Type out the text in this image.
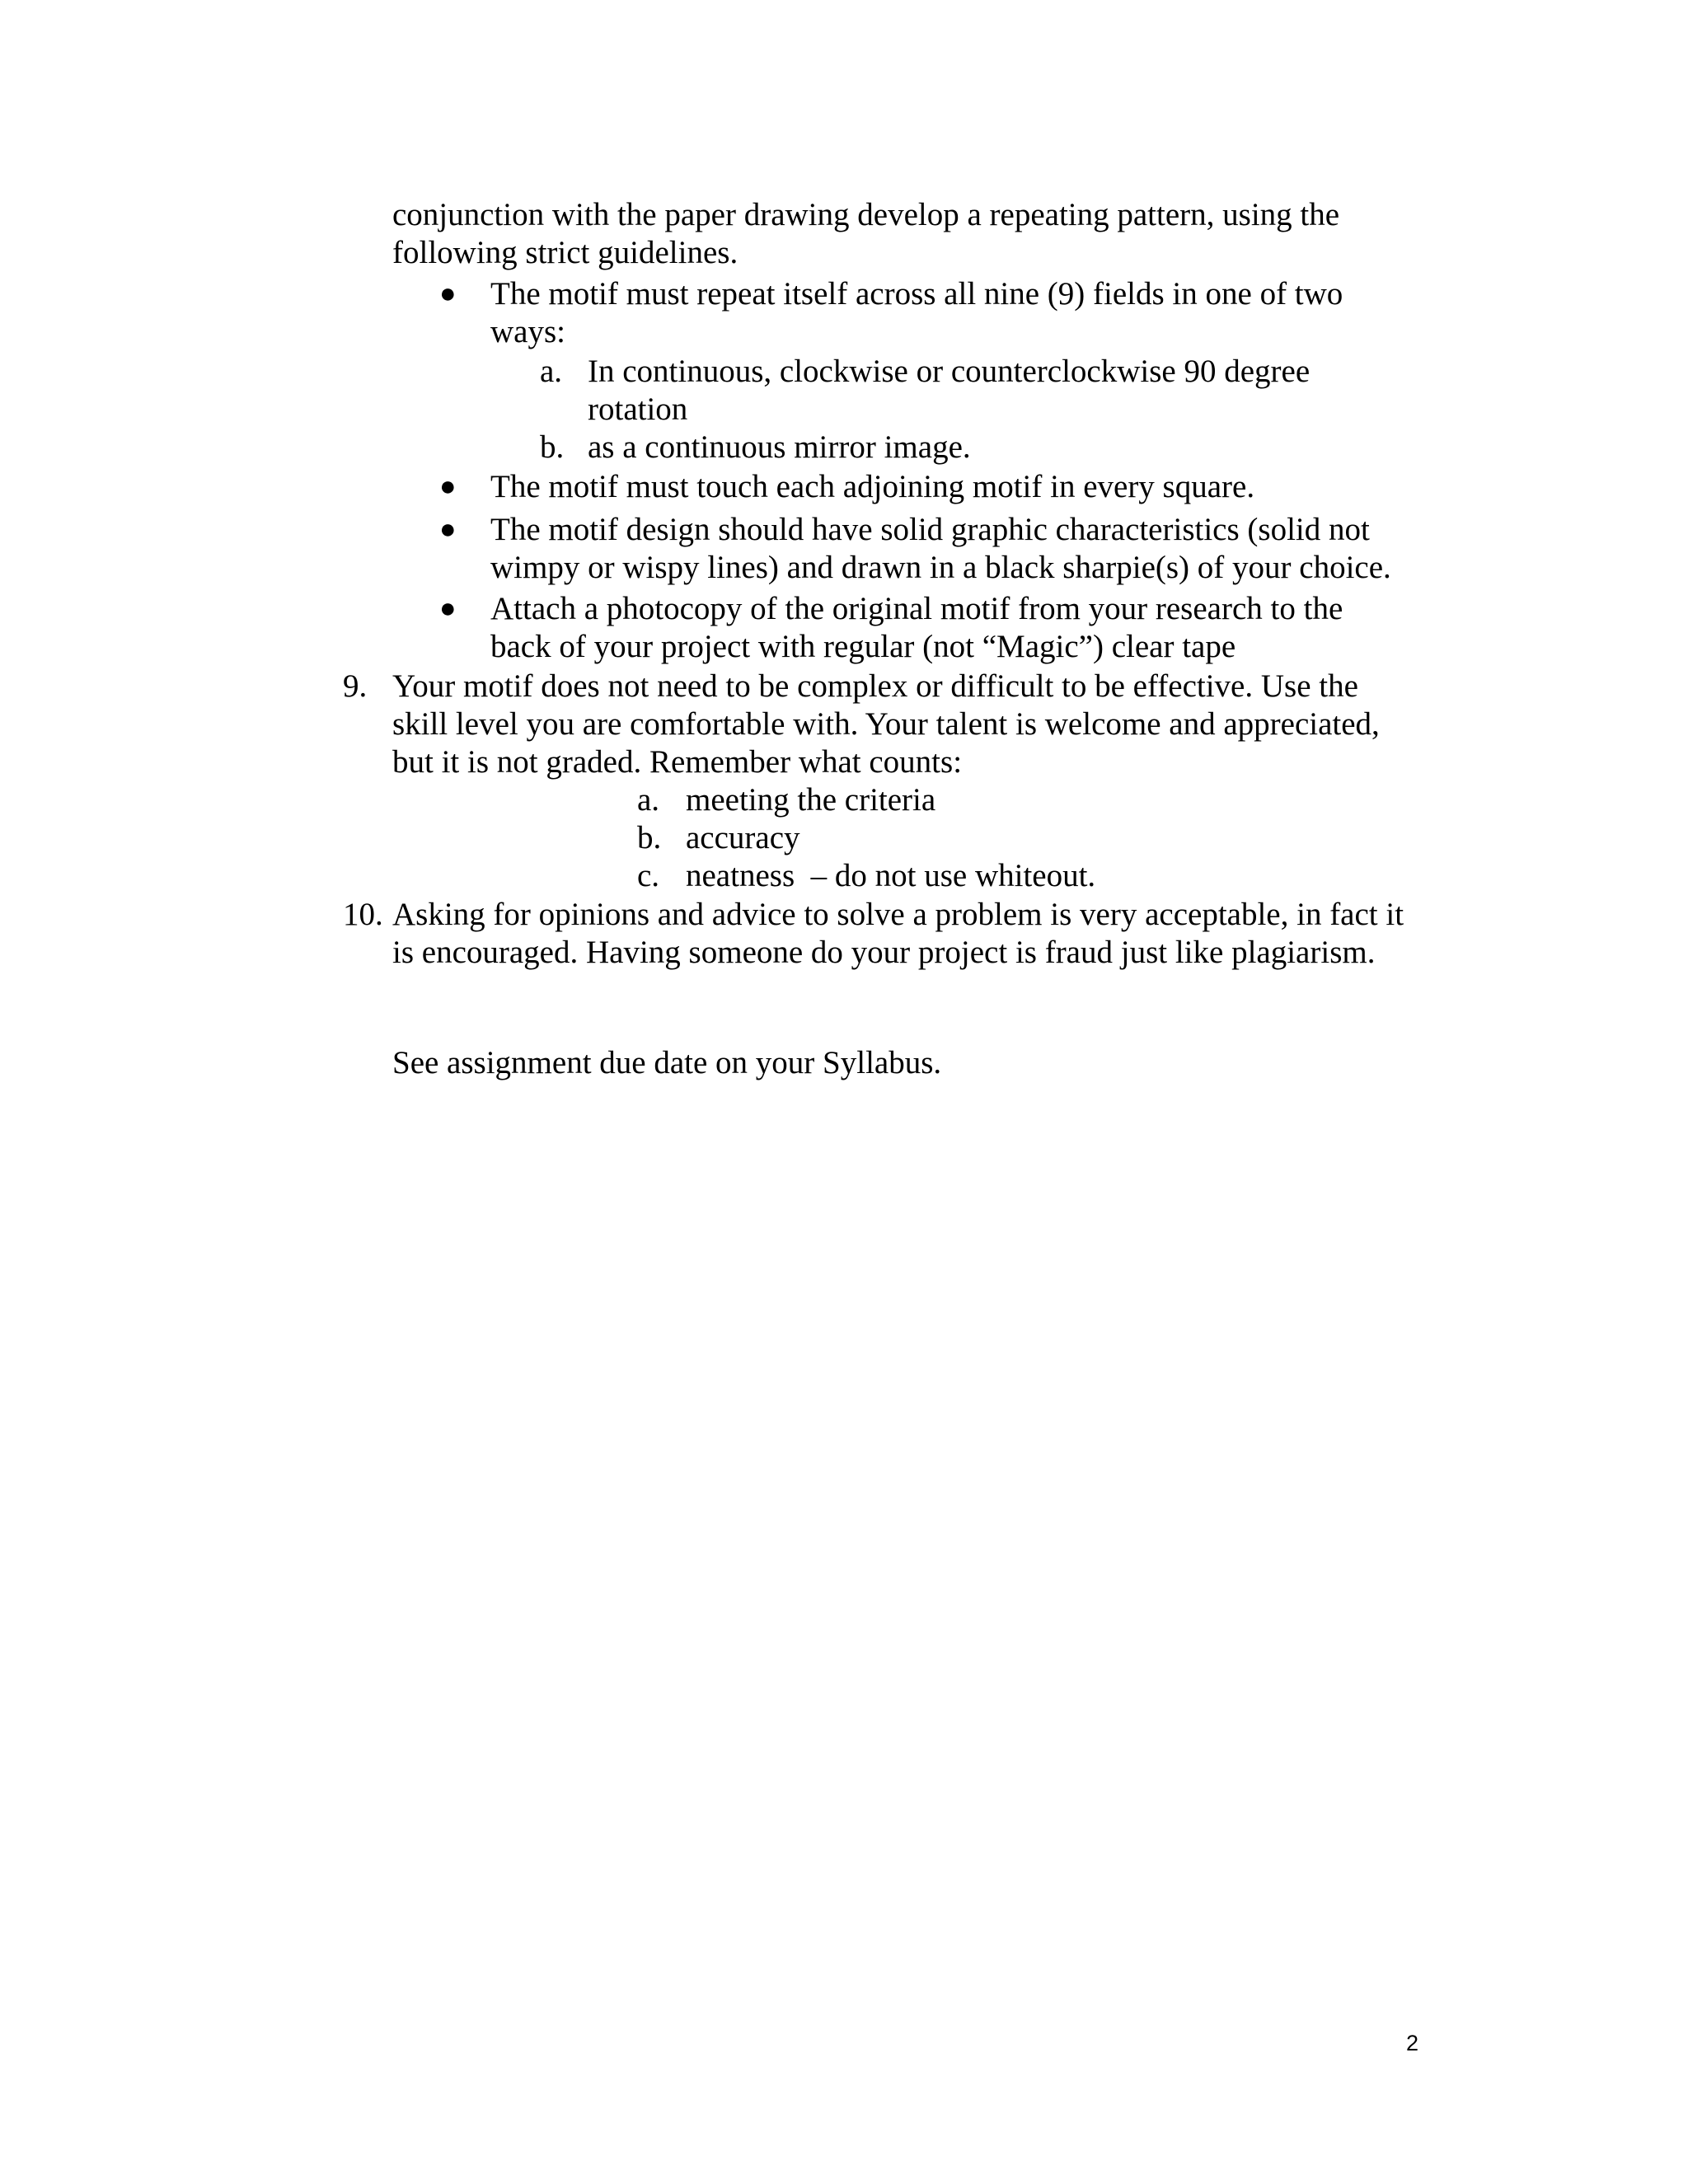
conjunction with the paper drawing develop a repeating pattern, using the
following strict guidelines.
● The motif must repeat itself across all nine (9) fields in one of two
ways:
a. In continuous, clockwise or counterclockwise 90 degree
rotation
b. as a continuous mirror image.
● The motif must touch each adjoining motif in every square.
● The motif design should have solid graphic characteristics (solid not
wimpy or wispy lines) and drawn in a black sharpie(s) of your choice.
● Attach a photocopy of the original motif from your research to the
back of your project with regular (not “Magic”) clear tape
9. Your motif does not need to be complex or difficult to be effective. Use the
skill level you are comfortable with. Your talent is welcome and appreciated,
but it is not graded. Remember what counts:
a. meeting the criteria
b. accuracy
c. neatness  – do not use whiteout.
10. Asking for opinions and advice to solve a problem is very acceptable, in fact it
is encouraged. Having someone do your project is fraud just like plagiarism.
See assignment due date on your Syllabus.
2
